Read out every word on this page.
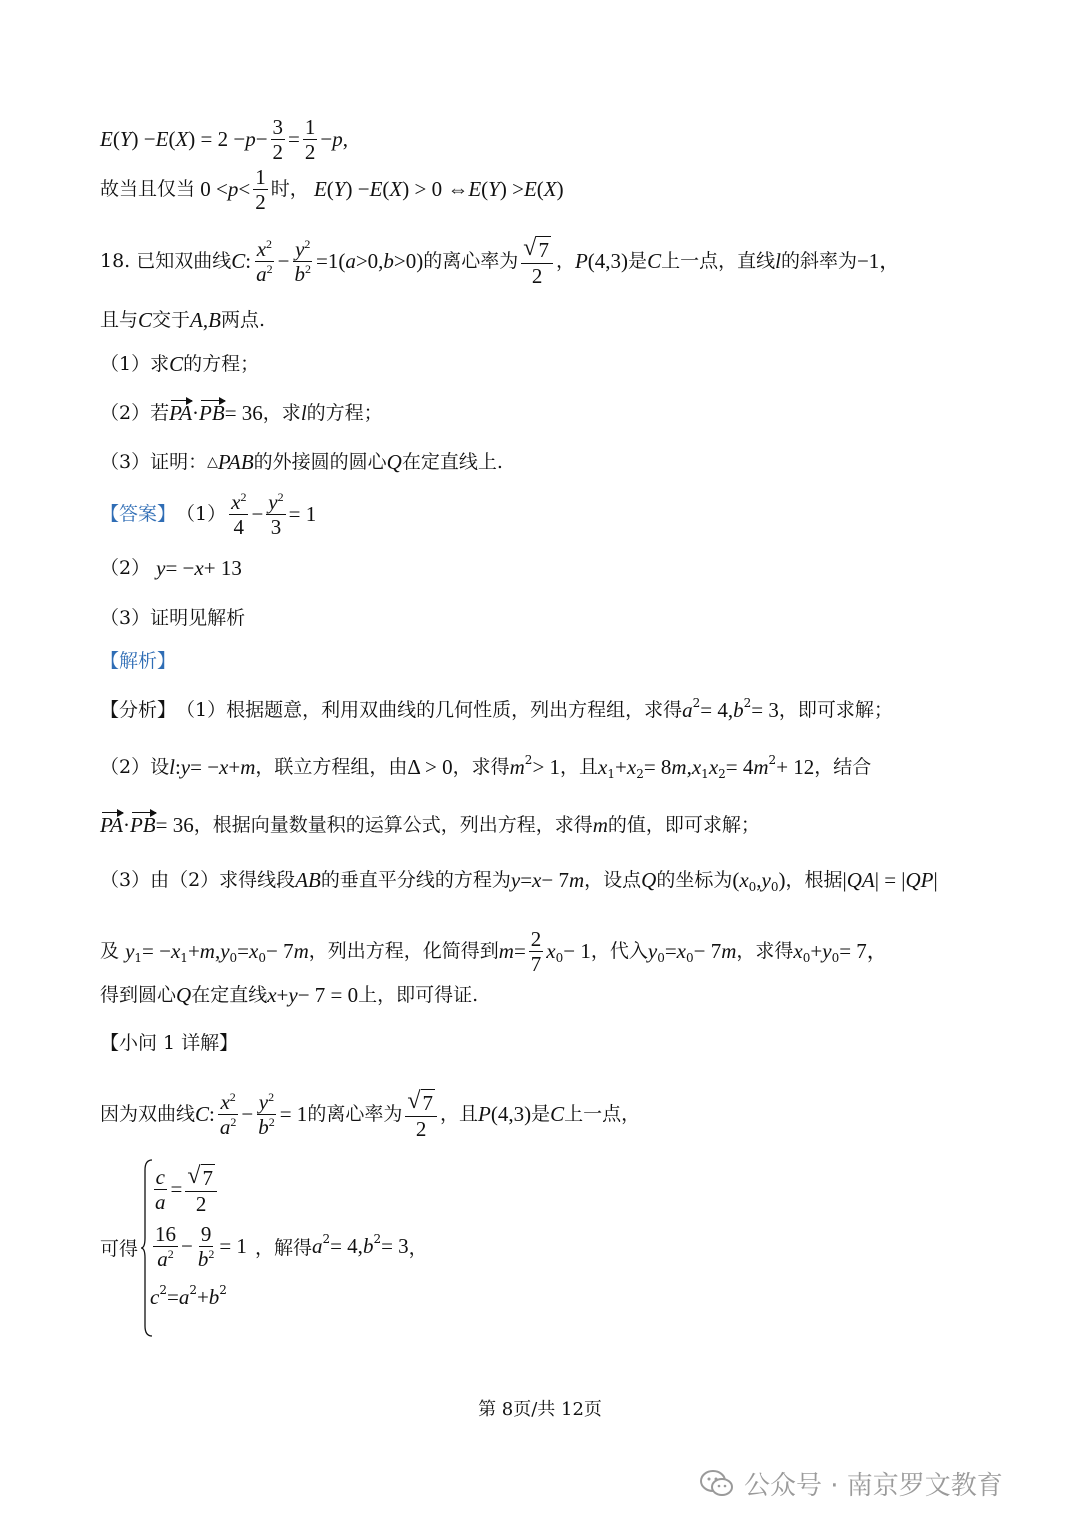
E ( Y ) − E ( X ) = $2 - p - \frac{3}{2} = \frac{1}{2} - p$ ,
故当且仅当 $0 < p < \frac{1}{2}$ 时， E ( Y ) − E ( X ) > 0 ⇔ E ( Y ) > E ( X )
18.
已知双曲线 C : $\frac{x^2}{a^2} - \frac{y^2}{b^2} =1$( a >0, b >0) 的离心率为 $\frac{√ 7}{2}$ ， P (4,3) 是 C 上一点，直线 l 的斜率为 −1，
且与 C 交于 A , B 两点.
（1）求 C 的方程；
（2）若 PA · PB = 36 ，求 l 的方程；
（3）证明： △ PAB 的外接圆的圆心 Q 在定直线上.
【答案】 $(1) \frac{x^2}{4} - \frac{y^2}{3} = 1$
（2）
y = − x + 13
（3）证明见解析
【解析】
【分析】 （1）根据题意，利用双曲线的几何性质，列出方程组，求得 a 2 = 4, b 2 = 3 ，即可求解；
（2）设 l : y = − x + m ，联立方程组，由 Δ > 0 ，求得 m 2 > 1 ，且 x 1 + x 2 = 8 m , x 1 x 2 = 4 m 2 + 12 ，结合
PA · PB = 36 ，根据向量数量积的运算公式，列出方程，求得 m 的值，即可求解；
（3）由（2）求得线段 AB 的垂直平分线的方程为 y = x − 7 m ，设点 Q 的坐标为 ( x 0 , y 0 ) ，根据 | QA | = | QP |
及
y 1 = − x 1 + m , y 0 = x 0 − 7 m ，列出方程，化简得到 $m = \frac{2}{7}$ x 0 − 1 ，代入 y 0 = x 0 − 7 m ，求得 x 0 + y 0 = 7，
得到圆心 Q 在定直线 x + y − 7 = 0 上，即可得证.
【小问 1 详解】
因为双曲线 C : $\frac{x^2}{a^2} - \frac{y^2}{b^2} = 1$ 的离心率为 $\frac{√ 7}{2}$ ，且 P (4,3) 是 C 上一点，
可得
$\frac{c}{a} = \frac{√ 7}{2}$
$\frac{16}{a^2} - \frac{9}{b^2} = 1$ ，解得 a 2 = 4, b 2 = 3 ，
c 2 = a 2 + b 2
第 8页/共 12页
公众号 · 南京罗文教育
